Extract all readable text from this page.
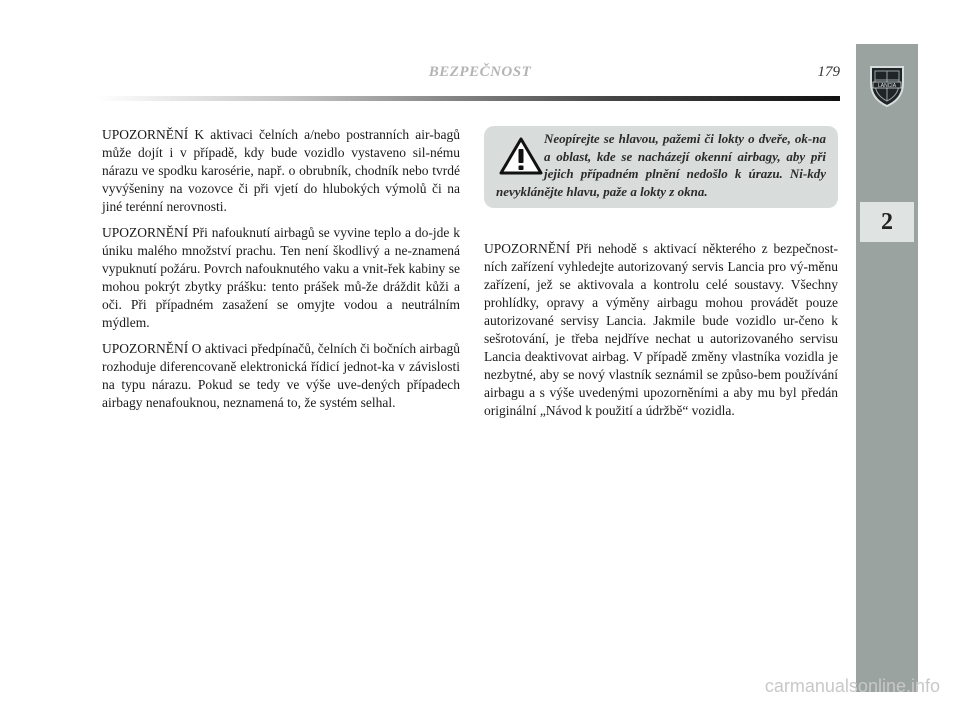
BEZPEČNOST	179
LANCIA
2

UPOZORNĚNÍ K aktivaci čelních a/nebo postranních air-bagů může dojít i v případě, kdy bude vozidlo vystaveno sil-nému nárazu ve spodku karosérie, např. o obrubník, chodník nebo tvrdé vyvýšeniny na vozovce či při vjetí do hlubokých výmolů či na jiné terénní nerovnosti.

UPOZORNĚNÍ Při nafouknutí airbagů se vyvine teplo a do-jde k úniku malého množství prachu. Ten není škodlivý a ne-znamená vypuknutí požáru. Povrch nafouknutého vaku a vnit-řek kabiny se mohou pokrýt zbytky prášku: tento prášek mů-že dráždit kůži a oči. Při případném zasažení se omyjte vodou a neutrálním mýdlem.

UPOZORNĚNÍ O aktivaci předpínačů, čelních či bočních airbagů rozhoduje diferencovaně elektronická řídicí jednot-ka v závislosti na typu nárazu. Pokud se tedy ve výše uve-dených případech airbagy nenafouknou, neznamená to, že systém selhal.

Neopírejte se hlavou, pažemi či lokty o dveře, ok-na a oblast, kde se nacházejí okenní airbagy, aby při jejich případném plnění nedošlo k úrazu. Ni-kdy nevyklánějte hlavu, paže a lokty z okna.

UPOZORNĚNÍ Při nehodě s aktivací některého z bezpečnost-ních zařízení vyhledejte autorizovaný servis Lancia pro vý-měnu zařízení, jež se aktivovala a kontrolu celé soustavy. Všechny prohlídky, opravy a výměny airbagu mohou provádět pouze autorizované servisy Lancia. Jakmile bude vozidlo ur-čeno k sešrotování, je třeba nejdříve nechat u autorizovaného servisu Lancia deaktivovat airbag. V případě změny vlastníka vozidla je nezbytné, aby se nový vlastník seznámil se způso-bem používání airbagu a s výše uvedenými upozorněními a aby mu byl předán originální „Návod k použití a údržbě“ vozidla.

carmanualsonline.info
